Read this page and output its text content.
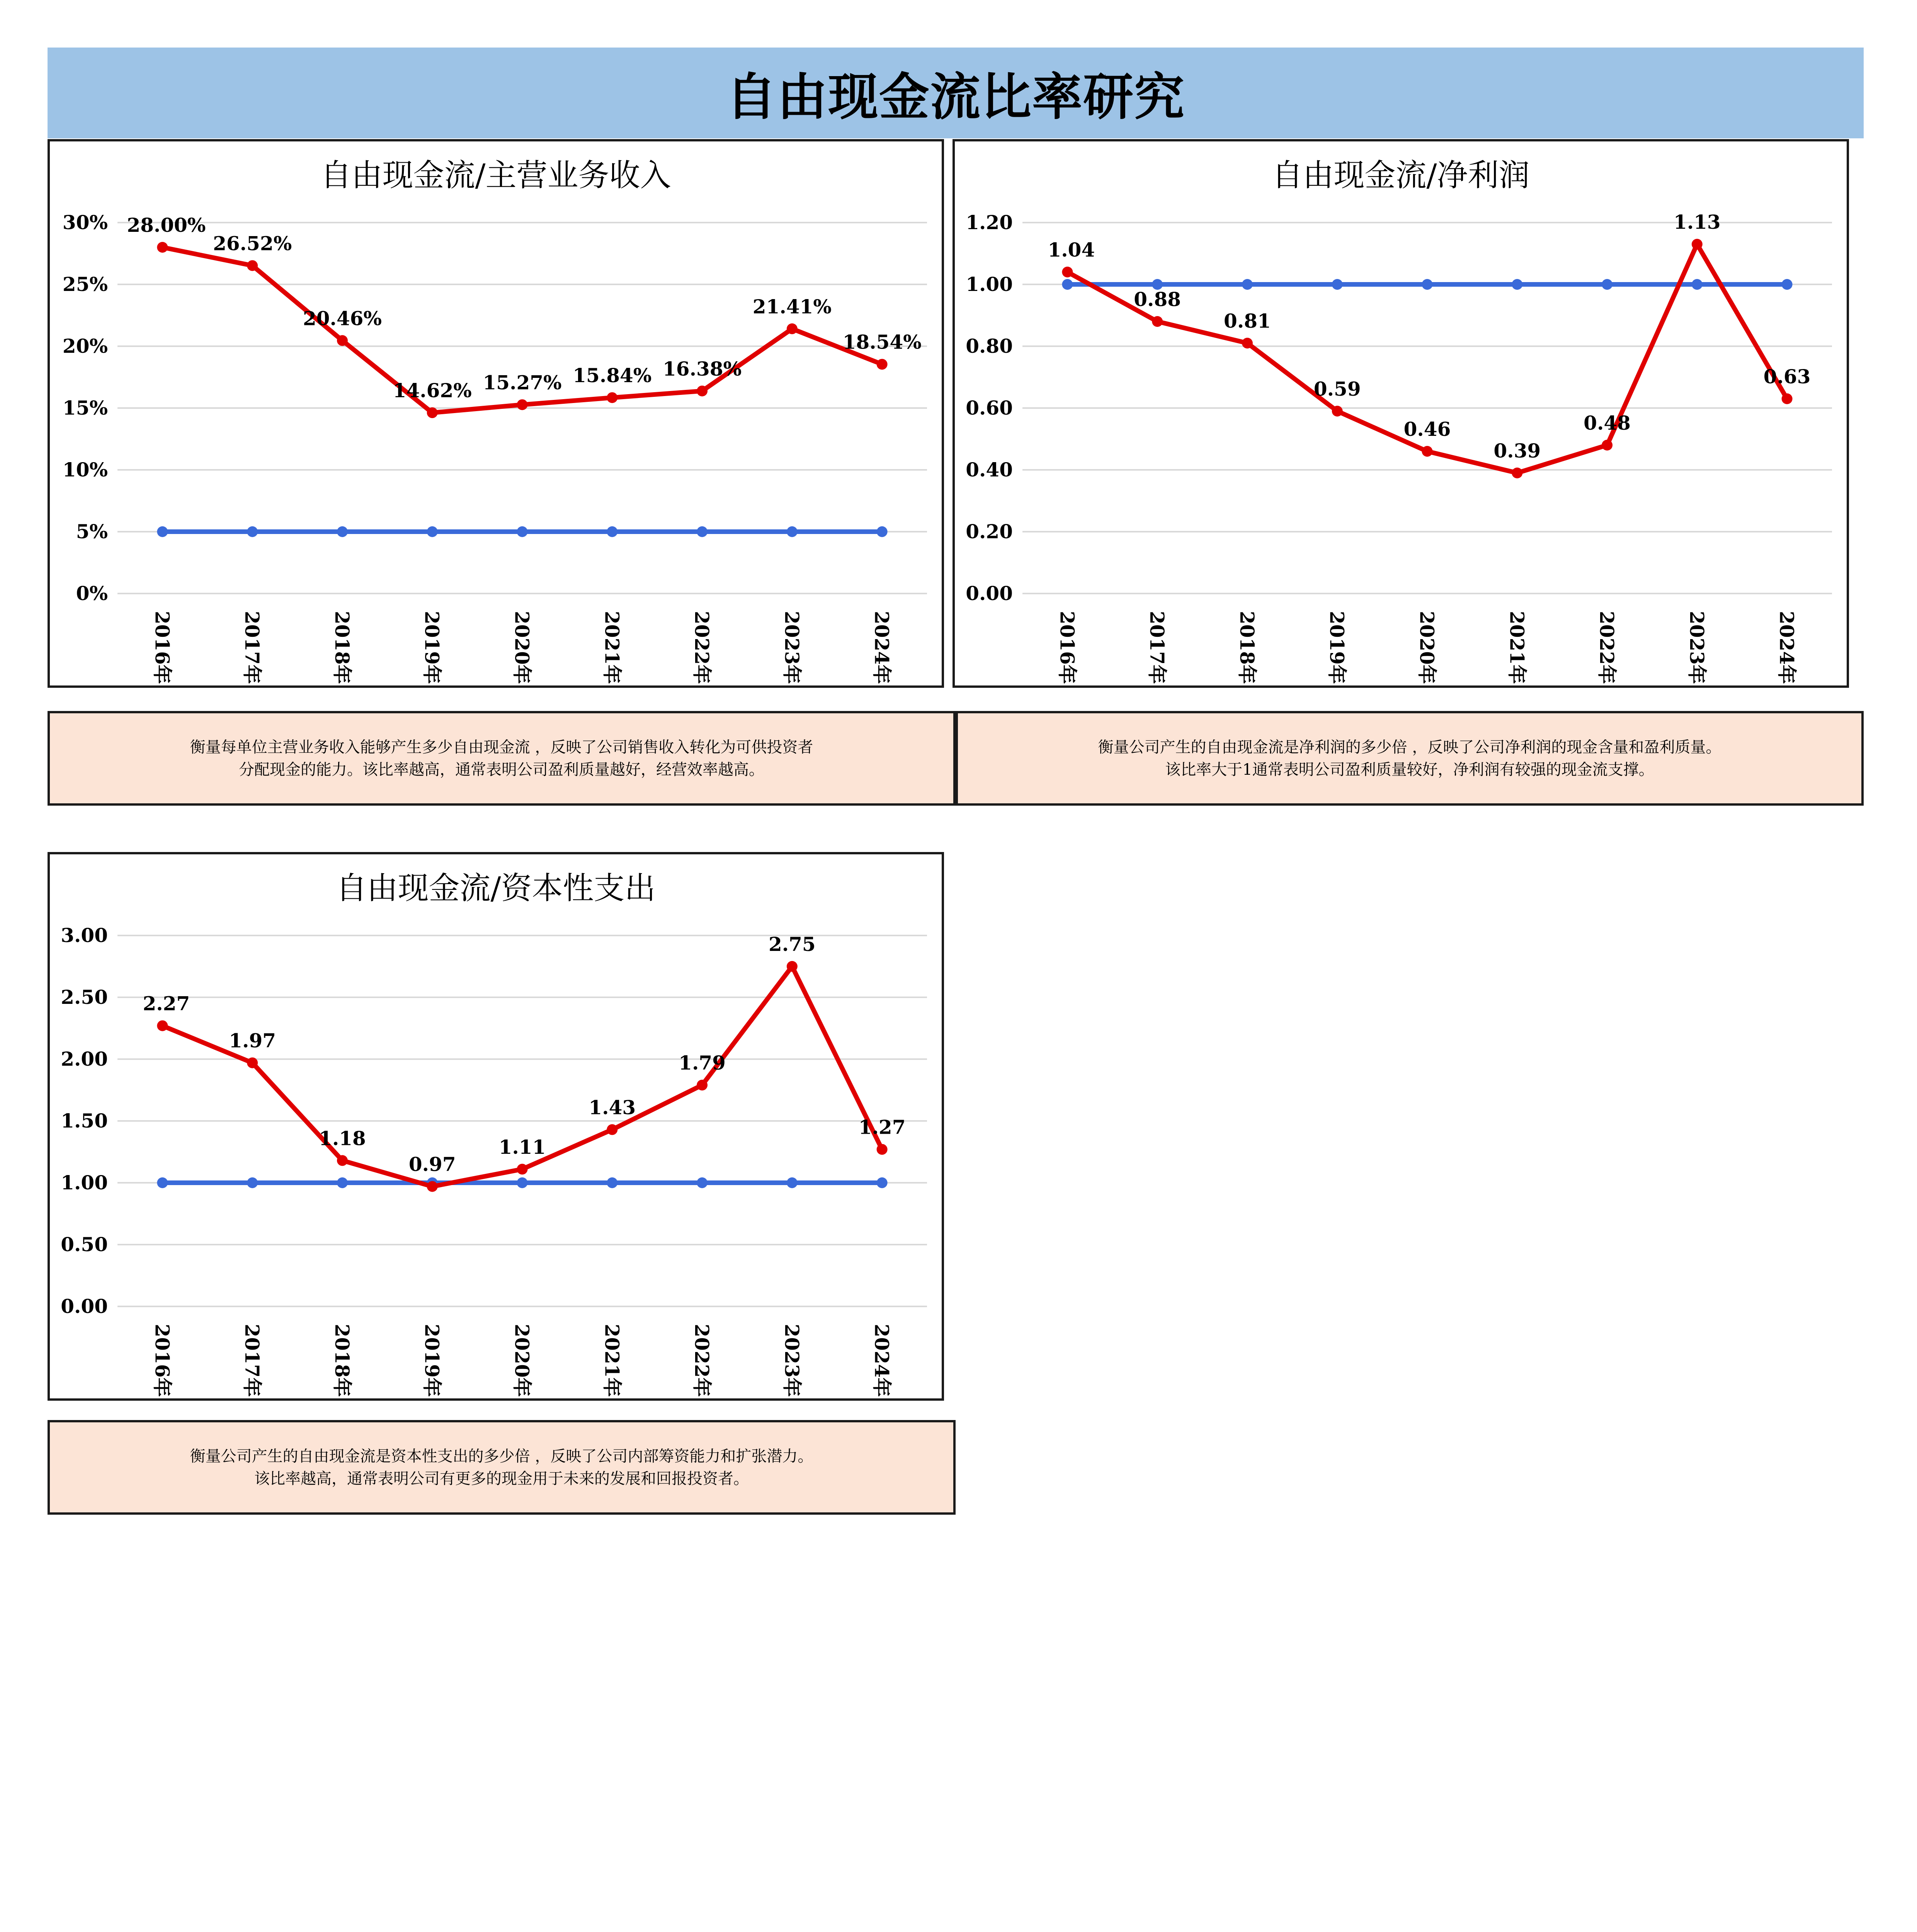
自由现金流比率研究
自由现金流/主营业务收入
0%
5%
10%
15%
20%
25%
30%
2016年	2017年	2018年	2019年	2020年	2021年	2022年	2023年	2024年
28.00%
26.52%
20.46%
14.62% 15.27% 15.84% 16.38%
21.41%
18.54%
自由现金流/净利润
0.00
0.20
0.40
0.60
0.80
1.00
1.20
2016年	2017年	2018年	2019年	2020年	2021年	2022年	2023年	2024年
1.04
0.88
0.81
0.59
0.46
0.39
0.48
1.13
0.63
自由现金流/资本性支出
0.00
0.50
1.00
1.50
2.00
2.50
3.00
2016年	2017年	2018年	2019年	2020年	2021年	2022年	2023年	2024年
2.27
1.97
1.18
0.97
1.11
1.43
1.79
2.75
1.27
衡量每单位主营业务收入能够产生多少自由现金流 ，反映了公司销售收入转化为可供投资者分配现金的能力。该比率越高，通常表明公司盈利质量越好，经营效率越高。
衡量公司产生的自由现金流是净利润的多少倍 ，反映了公司净利润的现金含量和盈利质量。该比率大于1通常表明公司盈利质量较好，净利润有较强的现金流支撑。
衡量公司产生的自由现金流是资本性支出的多少倍 ，反映了公司内部筹资能力和扩张潜力。该比率越高，通常表明公司有更多的现金用于未来的发展和回报投资者。
